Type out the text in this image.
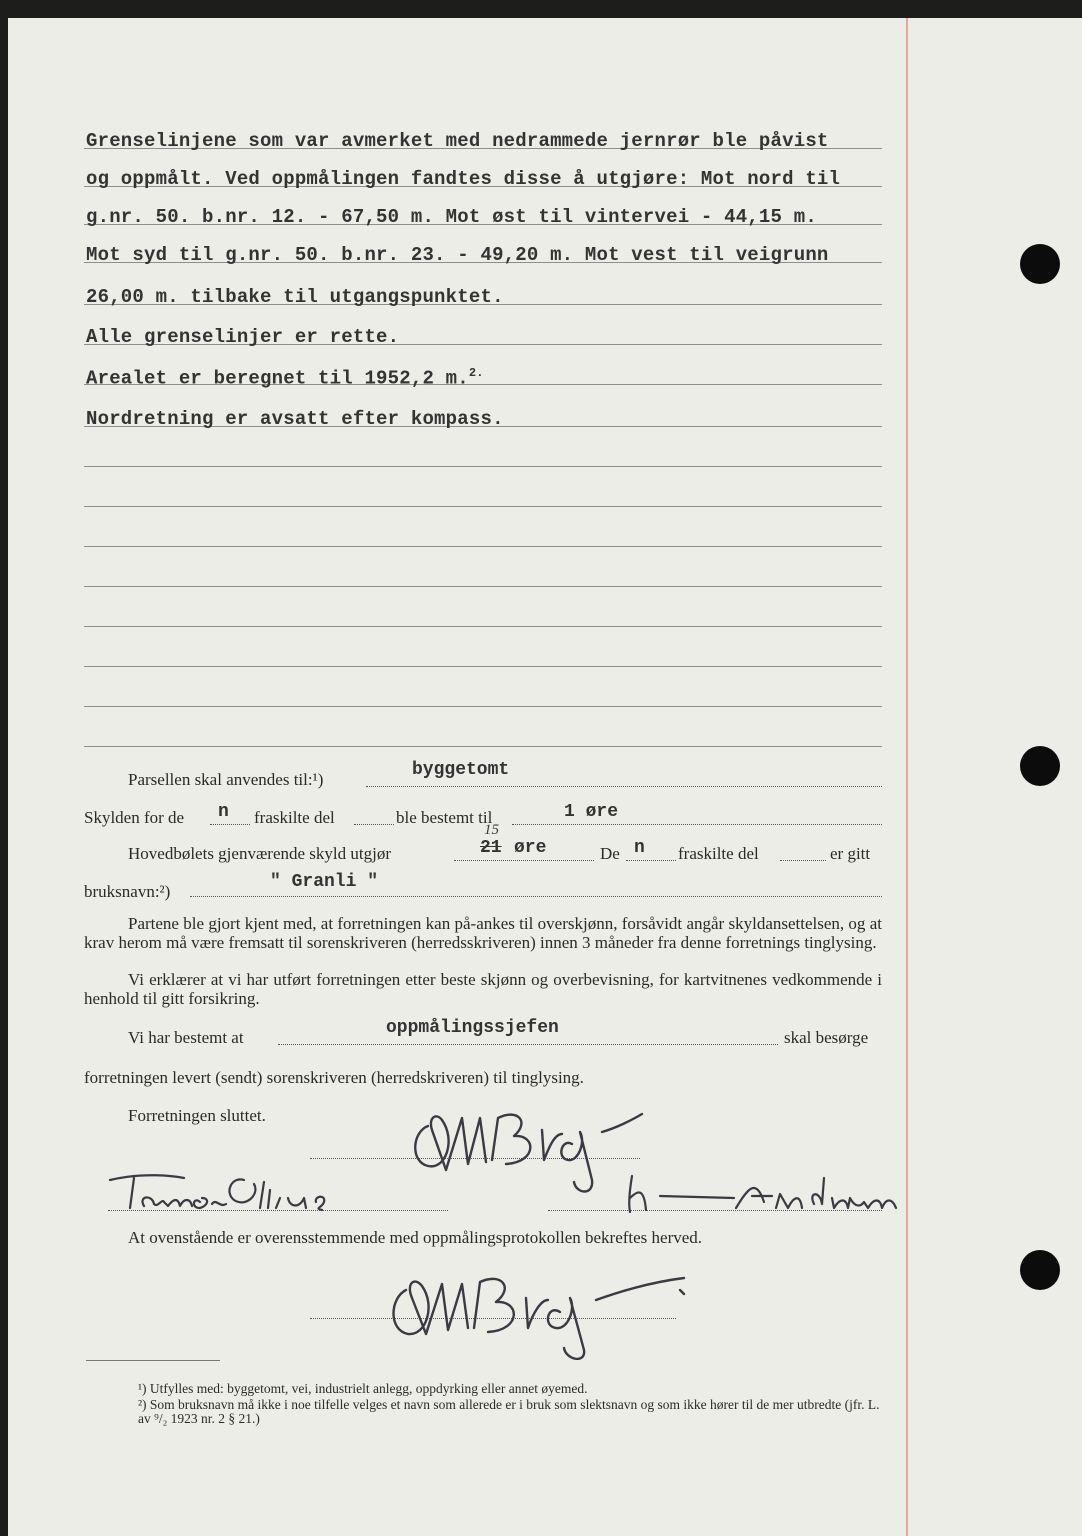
Grenselinjene som var avmerket med nedrammede jernrør ble påvist
og oppmålt. Ved oppmålingen fandtes disse å utgjøre: Mot nord til
g.nr. 50. b.nr. 12. - 67,50 m. Mot øst til vintervei - 44,15 m.
Mot syd til g.nr. 50. b.nr. 23. - 49,20 m. Mot vest til veigrunn
26,00 m. tilbake til utgangspunktet.
Alle grenselinjer er rette.
Arealet er beregnet til 1952,2 m.$^{2.}$
Nordretning er avsatt efter kompass.
Parsellen skal anvendes til:¹)	byggetomt
Skylden for de n fraskilte del	ble bestemt til	1 øre
Hovedbølets gjenværende skyld utgjør	21
15
øre	De n fraskilte del	er gitt
bruksnavn:²)	" Granli "
Partene ble gjort kjent med, at forretningen kan på-ankes til overskjønn, forsåvidt angår skyldansettelsen, og at krav herom må være fremsatt til sorenskriveren (herredsskriveren) innen 3 måneder fra denne forretnings tinglysing.
Vi erklærer at vi har utført forretningen etter beste skjønn og overbevisning, for kartvitnenes vedkommende i henhold til gitt forsikring.
Vi har bestemt at	oppmålingssjefen	skal besørge
forretningen levert (sendt) sorenskriveren (herredskriveren) til tinglysing.
Forretningen sluttet.
At ovenstående er overensstemmende med oppmålingsprotokollen bekreftes herved.
¹) Utfylles med: byggetomt, vei, industrielt anlegg, oppdyrking eller annet øyemed.
²) Som bruksnavn må ikke i noe tilfelle velges et navn som allerede er i bruk som slektsnavn og som ikke hører til de mer utbredte (jfr. L. av ⁹/₂ 1923 nr. 2 § 21.)
